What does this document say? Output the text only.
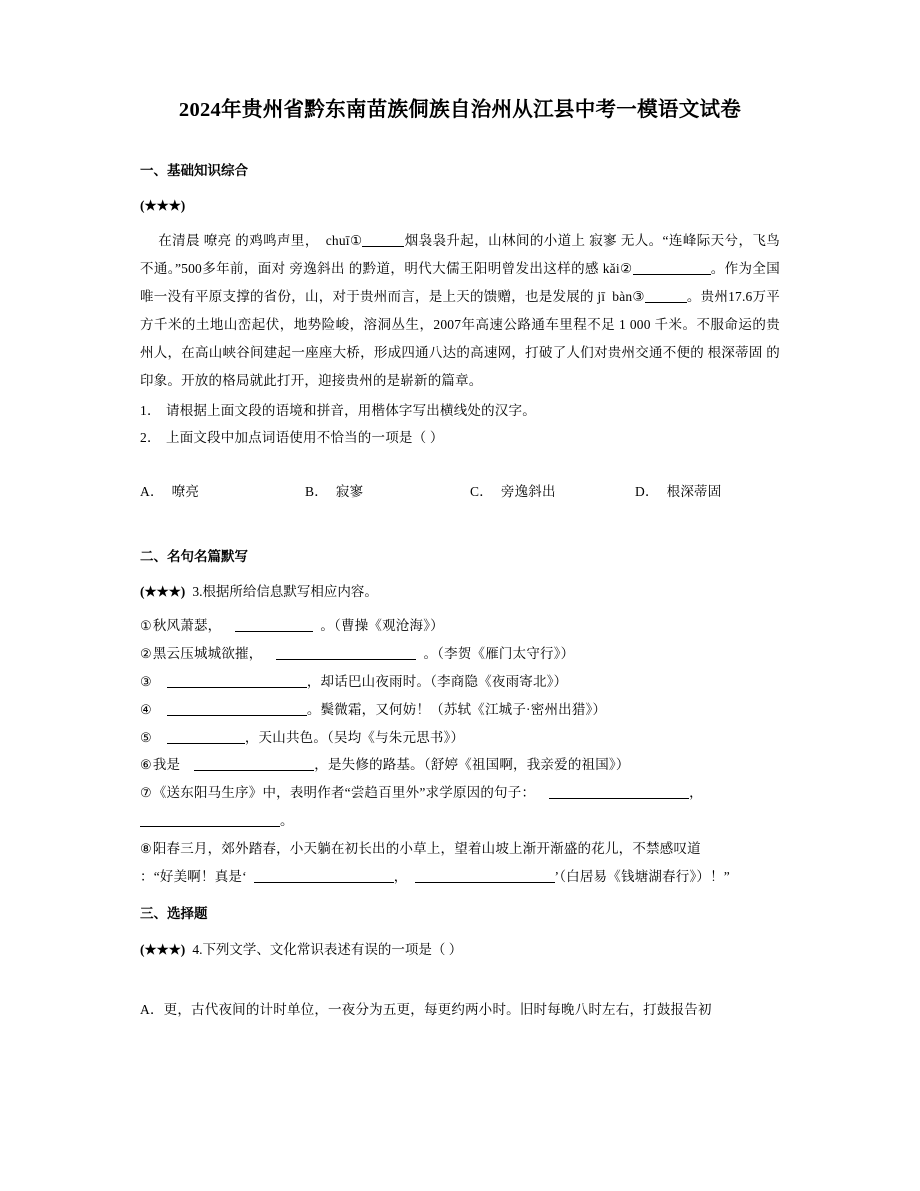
2024年贵州省黔东南苗族侗族自治州从江县中考一模语文试卷
一、基础知识综合
(★★★)
在清晨 嘹亮 的鸡鸣声里， chuī①	烟袅袅升起，山林间的小道上 寂寥 无人。“连峰际天兮，飞鸟不通。”500多年前，面对 旁逸斜出 的黔道，明代大儒王阳明曾发出这样的感 kǎi②	。作为全国唯一没有平原支撑的省份，山，对于贵州而言，是上天的馈赠，也是发展的 jī bàn③	。贵州17.6万平方千米的土地山峦起伏，地势险峻，溶洞丛生，2007年高速公路通车里程不足 1 000 千米。不服命运的贵州人，在高山峡谷间建起一座座大桥，形成四通八达的高速网，打破了人们对贵州交通不便的 根深蒂固 的印象。开放的格局就此打开，迎接贵州的是崭新的篇章。
1． 请根据上面文段的语境和拼音，用楷体字写出横线处的汉字。
2． 上面文段中加点词语使用不恰当的一项是（ ）
A． 嘹亮	B． 寂寥	C． 旁逸斜出	D． 根深蒂固
二、名句名篇默写
(★★★) 3.根据所给信息默写相应内容。
①秋风萧瑟，	。（曹操《观沧海》）
②黑云压城城欲摧，	。（李贺《雁门太守行》）
③	，却话巴山夜雨时。（李商隐《夜雨寄北》）
④	。鬓微霜，又何妨！（苏轼《江城子·密州出猎》）
⑤	，天山共色。（吴均《与朱元思书》）
⑥我是	，是失修的路基。（舒婷《祖国啊，我亲爱的祖国》）
⑦《送东阳马生序》中，表明作者“尝趋百里外”求学原因的句子：	，
。
⑧阳春三月，郊外踏春，小天躺在初长出的小草上，望着山坡上渐开渐盛的花儿，不禁感叹道
：“好美啊！真是‘	，	’（白居易《钱塘湖春行》）！”
三、选择题
(★★★) 4.下列文学、文化常识表述有误的一项是（ ）
A．更，古代夜间的计时单位，一夜分为五更，每更约两小时。旧时每晚八时左右，打鼓报告初
